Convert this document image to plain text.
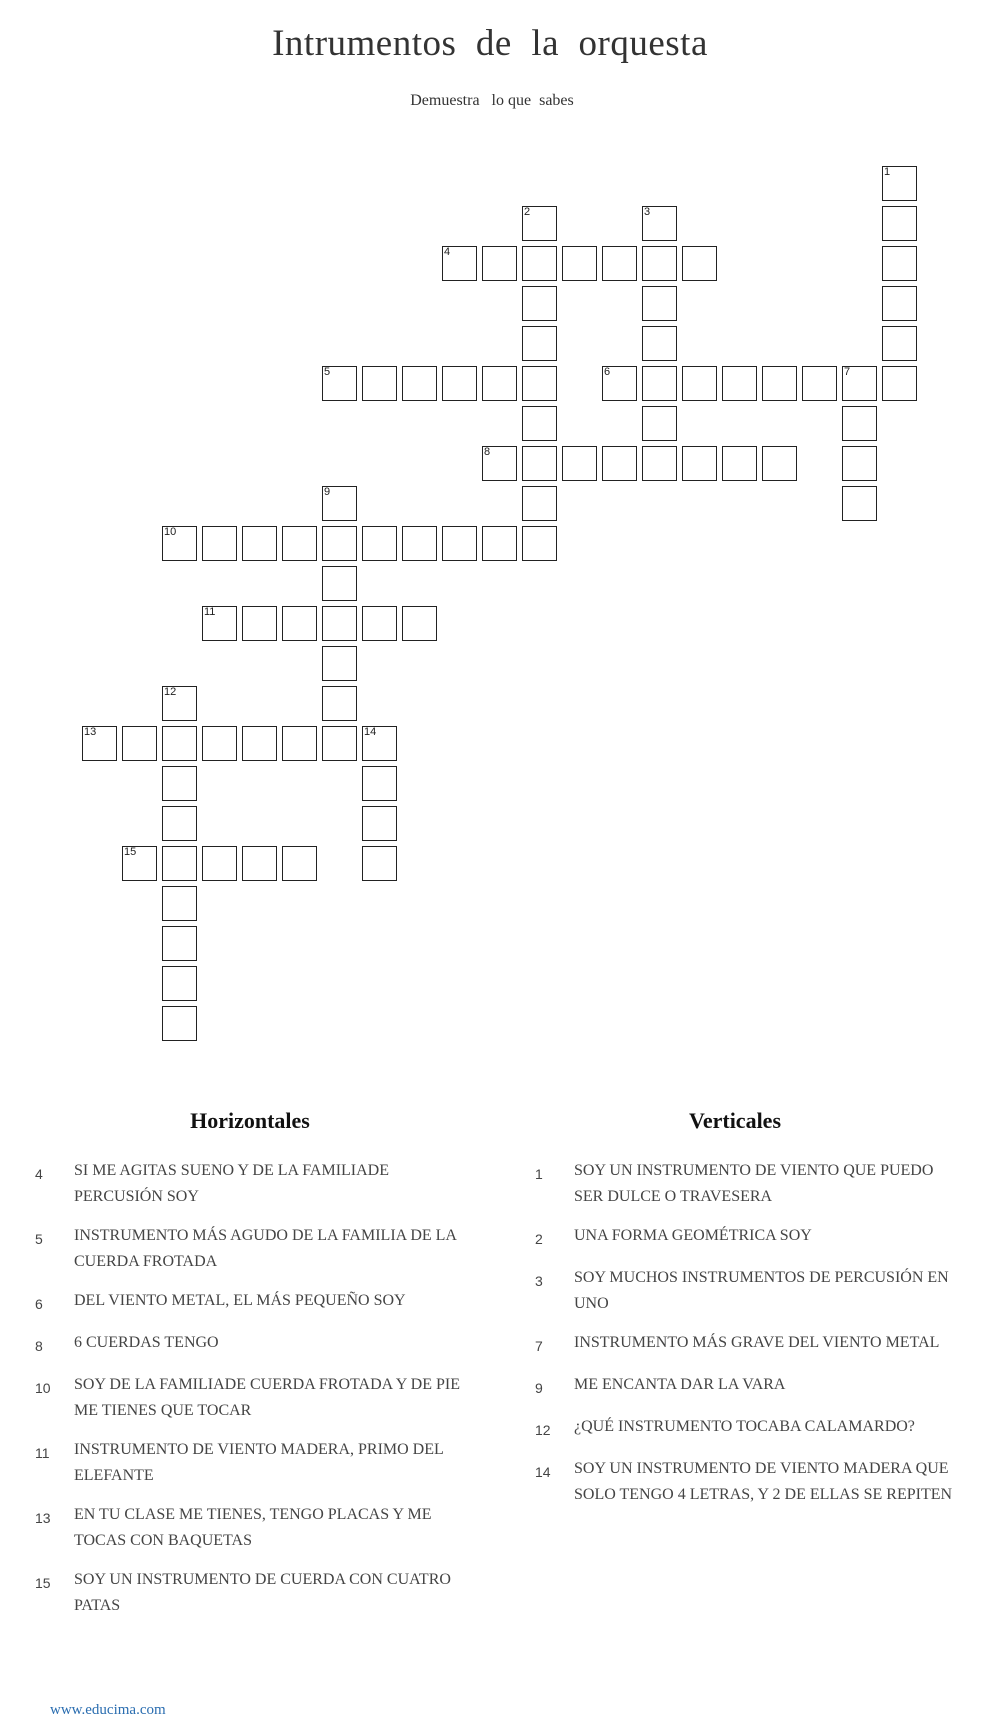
Intrumentos  de  la  orquesta
Demuestra   lo que  sabes
1
2	3
4
5	6	7
8
9
10
11
12
13	14
15
Horizontales
4	SI ME AGITAS SUENO Y DE LA FAMILIADE PERCUSIÓN SOY
5	INSTRUMENTO MÁS AGUDO DE LA FAMILIA DE LA CUERDA FROTADA
6	DEL VIENTO METAL, EL MÁS PEQUEÑO SOY
8	6 CUERDAS TENGO
10	SOY DE LA FAMILIADE CUERDA FROTADA Y DE PIE ME TIENES QUE TOCAR
11	INSTRUMENTO DE VIENTO MADERA, PRIMO DEL ELEFANTE
13	EN TU CLASE ME TIENES, TENGO PLACAS Y ME TOCAS CON BAQUETAS
15	SOY UN INSTRUMENTO DE CUERDA CON CUATRO PATAS
Verticales
1	SOY UN INSTRUMENTO DE VIENTO QUE PUEDO SER DULCE O TRAVESERA
2	UNA FORMA GEOMÉTRICA SOY
3	SOY MUCHOS INSTRUMENTOS DE PERCUSIÓN EN UNO
7	INSTRUMENTO MÁS GRAVE DEL VIENTO METAL
9	ME ENCANTA DAR LA VARA
12	¿QUÉ INSTRUMENTO TOCABA CALAMARDO?
14	SOY UN INSTRUMENTO DE VIENTO MADERA QUE SOLO TENGO 4 LETRAS, Y 2 DE ELLAS SE REPITEN
www.educima.com
